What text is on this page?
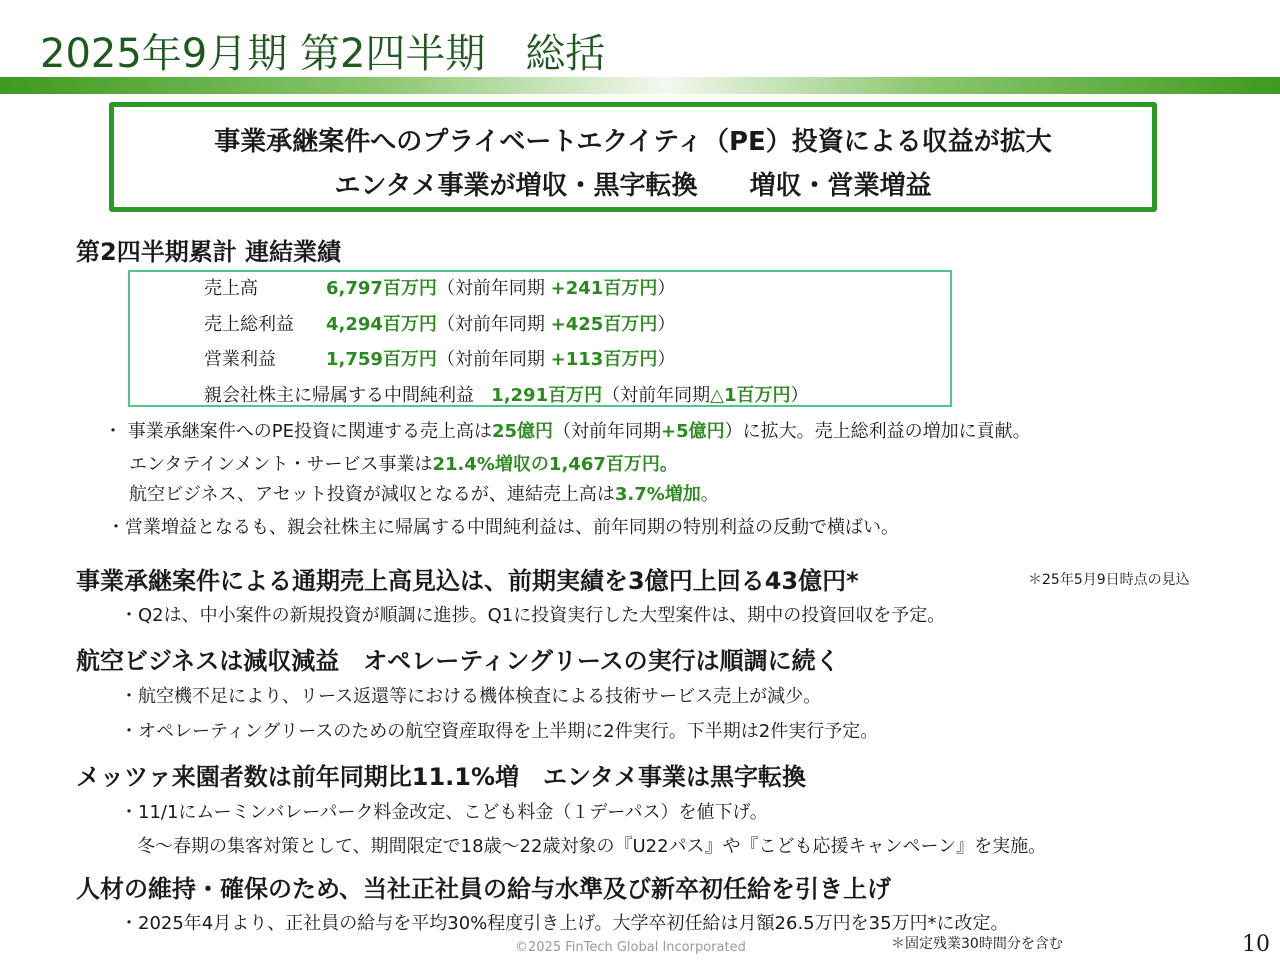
2025年9月期 第2四半期　総括
事業承継案件へのプライベートエクイティ（PE）投資による収益が拡大
エンタメ事業が増収・黒字転換　　増収・営業増益
第2四半期累計 連結業績
売上高	6,797百万円（対前年同期 +241百万円）
売上総利益 4,294百万円（対前年同期 +425百万円）
営業利益	1,759百万円（対前年同期 +113百万円）
親会社株主に帰属する中間純利益 1,291百万円（対前年同期△1百万円）
・ 事業承継案件へのPE投資に関連する売上高は25億円（対前年同期+5億円）に拡大。売上総利益の増加に貢献。
エンタテインメント・サービス事業は21.4%増収の1,467百万円。
航空ビジネス、アセット投資が減収となるが、連結売上高は3.7%増加。
・営業増益となるも、親会社株主に帰属する中間純利益は、前年同期の特別利益の反動で横ばい。
事業承継案件による通期売上高見込は、前期実績を3億円上回る43億円*	＊25年5月9日時点の見込
・Q2は、中小案件の新規投資が順調に進捗。Q1に投資実行した大型案件は、期中の投資回収を予定。
航空ビジネスは減収減益　オペレーティングリースの実行は順調に続く
・航空機不足により、リース返還等における機体検査による技術サービス売上が減少。
・オペレーティングリースのための航空資産取得を上半期に2件実行。下半期は2件実行予定。
メッツァ来園者数は前年同期比11.1%増　エンタメ事業は黒字転換
・11/1にムーミンバレーパーク料金改定、こども料金（１デーパス）を値下げ。
冬～春期の集客対策として、期間限定で18歳～22歳対象の『U22パス』や『こども応援キャンペーン』を実施。
人材の維持・確保のため、当社正社員の給与水準及び新卒初任給を引き上げ
・2025年4月より、正社員の給与を平均30%程度引き上げ。大学卒初任給は月額26.5万円を35万円*に改定。
＊固定残業30時間分を含む
©2025 FinTech Global Incorporated	10
